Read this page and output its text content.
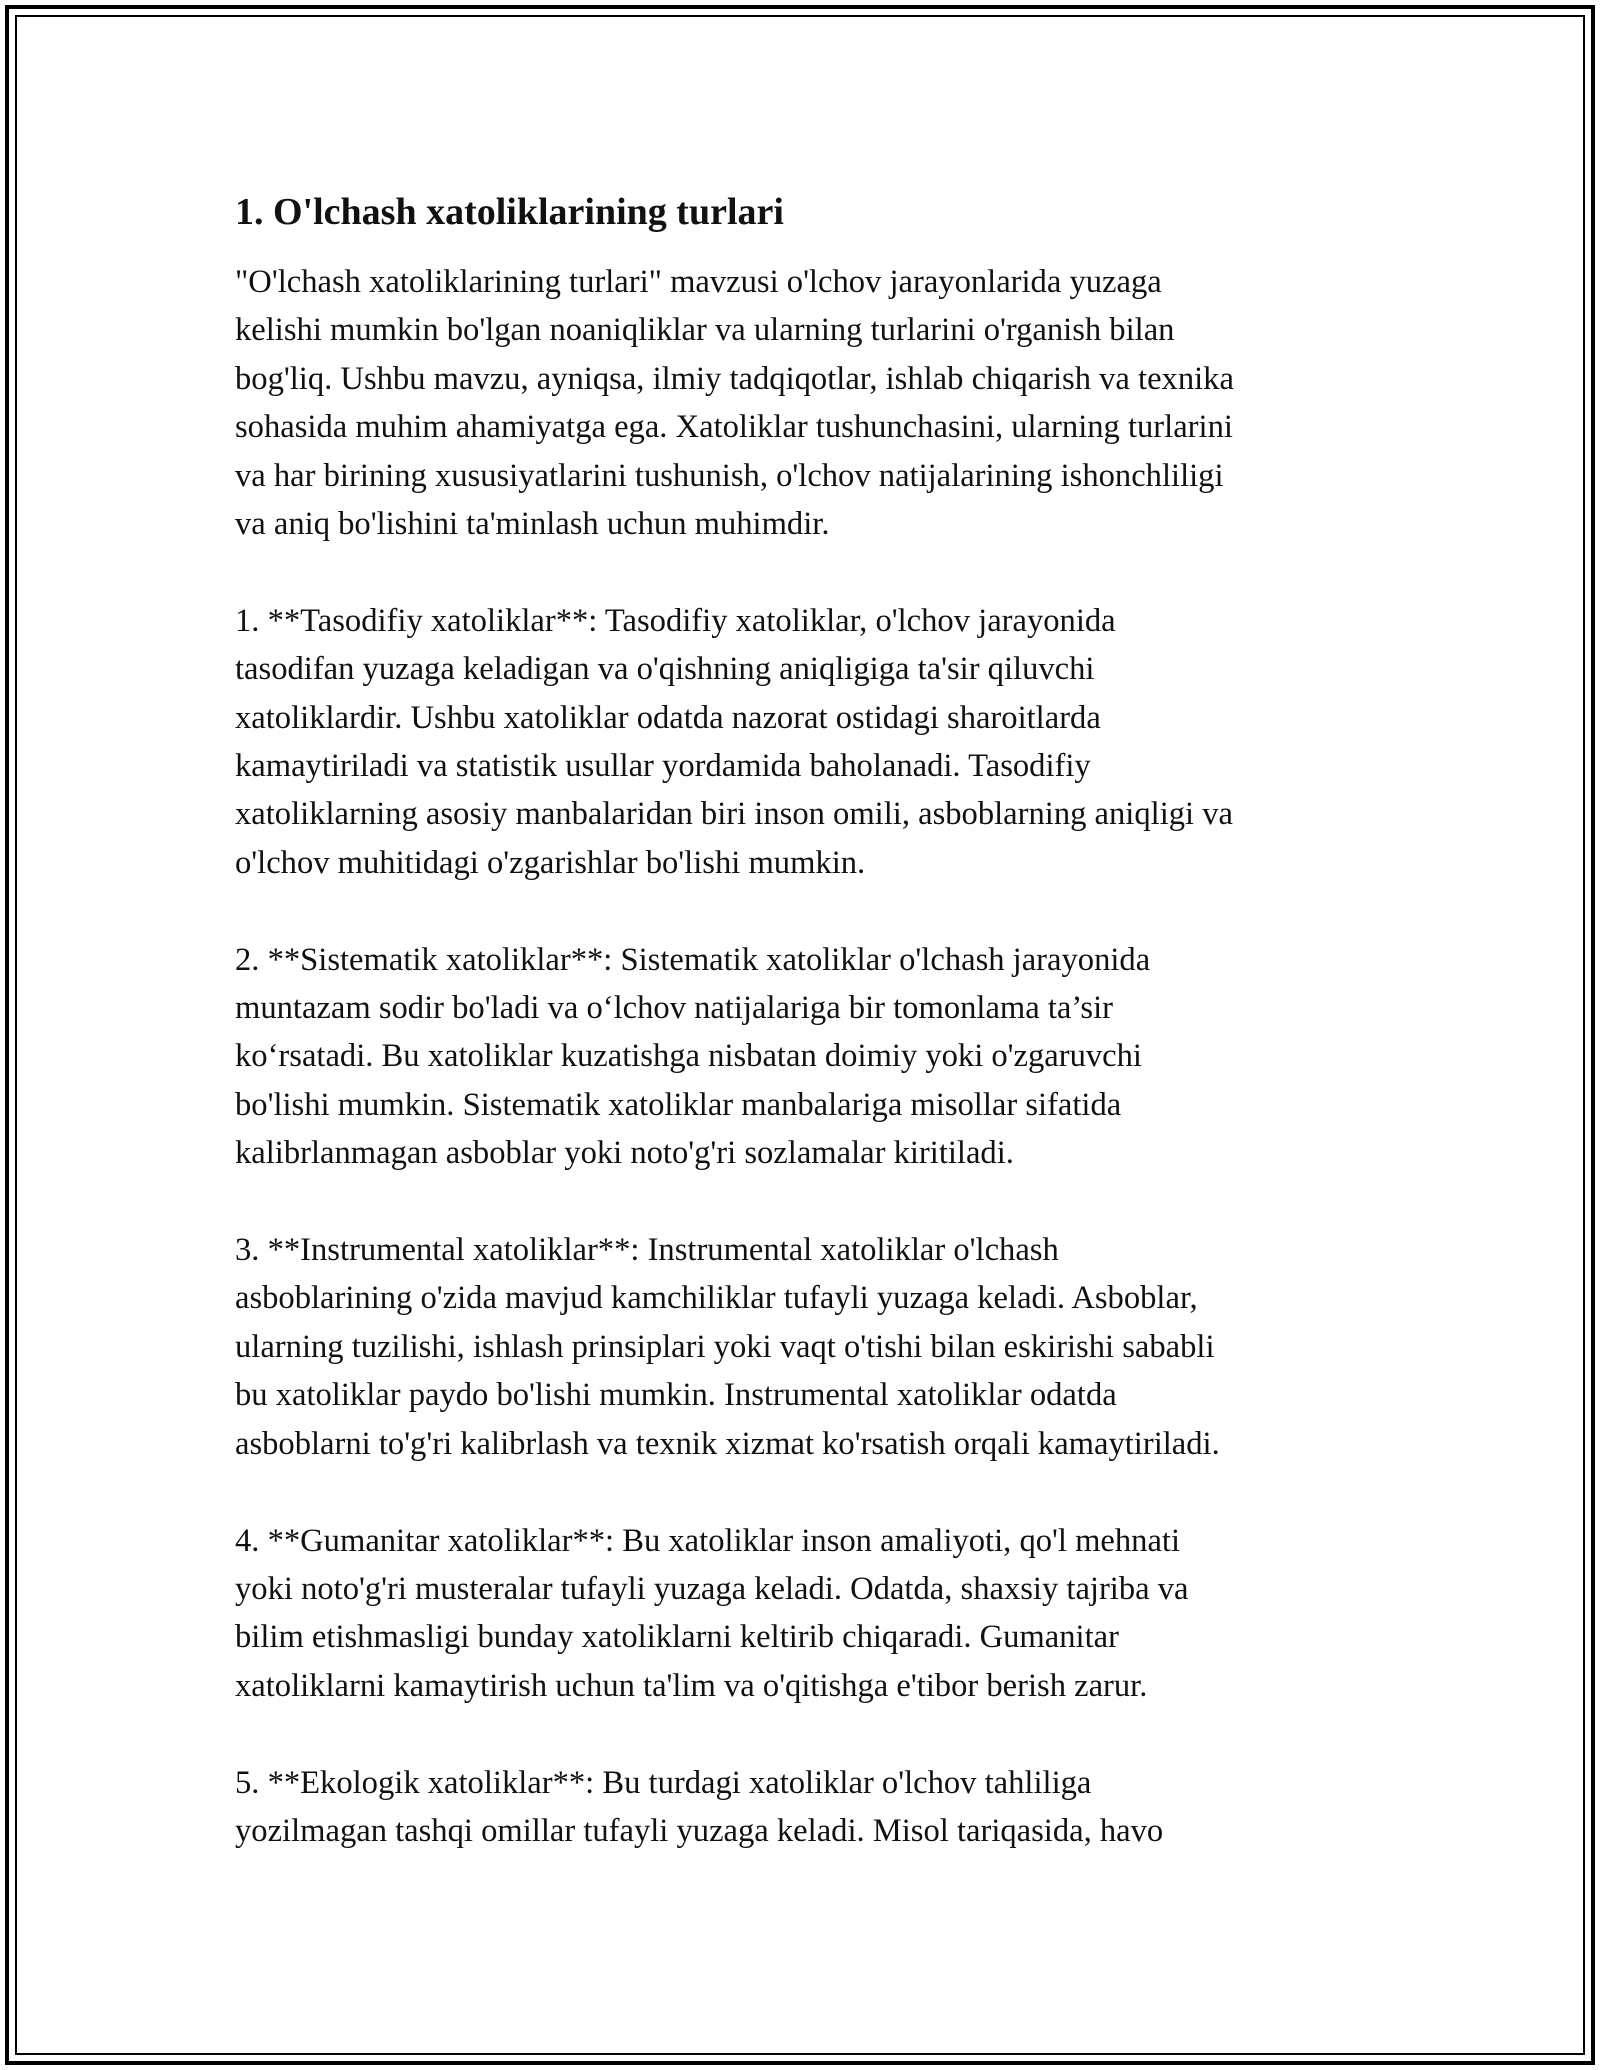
1. O'lchash xatoliklarining turlari
"O'lchash xatoliklarining turlari" mavzusi o'lchov jarayonlarida yuzaga
kelishi mumkin bo'lgan noaniqliklar va ularning turlarini o'rganish bilan
bog'liq. Ushbu mavzu, ayniqsa, ilmiy tadqiqotlar, ishlab chiqarish va texnika
sohasida muhim ahamiyatga ega. Xatoliklar tushunchasini, ularning turlarini
va har birining xususiyatlarini tushunish, o'lchov natijalarining ishonchliligi
va aniq bo'lishini ta'minlash uchun muhimdir.
1. **Tasodifiy xatoliklar**: Tasodifiy xatoliklar, o'lchov jarayonida
tasodifan yuzaga keladigan va o'qishning aniqligiga ta'sir qiluvchi
xatoliklardir. Ushbu xatoliklar odatda nazorat ostidagi sharoitlarda
kamaytiriladi va statistik usullar yordamida baholanadi. Tasodifiy
xatoliklarning asosiy manbalaridan biri inson omili, asboblarning aniqligi va
o'lchov muhitidagi o'zgarishlar bo'lishi mumkin.
2. **Sistematik xatoliklar**: Sistematik xatoliklar o'lchash jarayonida
muntazam sodir bo'ladi va o‘lchov natijalariga bir tomonlama ta’sir
ko‘rsatadi. Bu xatoliklar kuzatishga nisbatan doimiy yoki o'zgaruvchi
bo'lishi mumkin. Sistematik xatoliklar manbalariga misollar sifatida
kalibrlanmagan asboblar yoki noto'g'ri sozlamalar kiritiladi.
3. **Instrumental xatoliklar**: Instrumental xatoliklar o'lchash
asboblarining o'zida mavjud kamchiliklar tufayli yuzaga keladi. Asboblar,
ularning tuzilishi, ishlash prinsiplari yoki vaqt o'tishi bilan eskirishi sababli
bu xatoliklar paydo bo'lishi mumkin. Instrumental xatoliklar odatda
asboblarni to'g'ri kalibrlash va texnik xizmat ko'rsatish orqali kamaytiriladi.
4. **Gumanitar xatoliklar**: Bu xatoliklar inson amaliyoti, qo'l mehnati
yoki noto'g'ri musteralar tufayli yuzaga keladi. Odatda, shaxsiy tajriba va
bilim etishmasligi bunday xatoliklarni keltirib chiqaradi. Gumanitar
xatoliklarni kamaytirish uchun ta'lim va o'qitishga e'tibor berish zarur.
5. **Ekologik xatoliklar**: Bu turdagi xatoliklar o'lchov tahliliga
yozilmagan tashqi omillar tufayli yuzaga keladi. Misol tariqasida, havo
